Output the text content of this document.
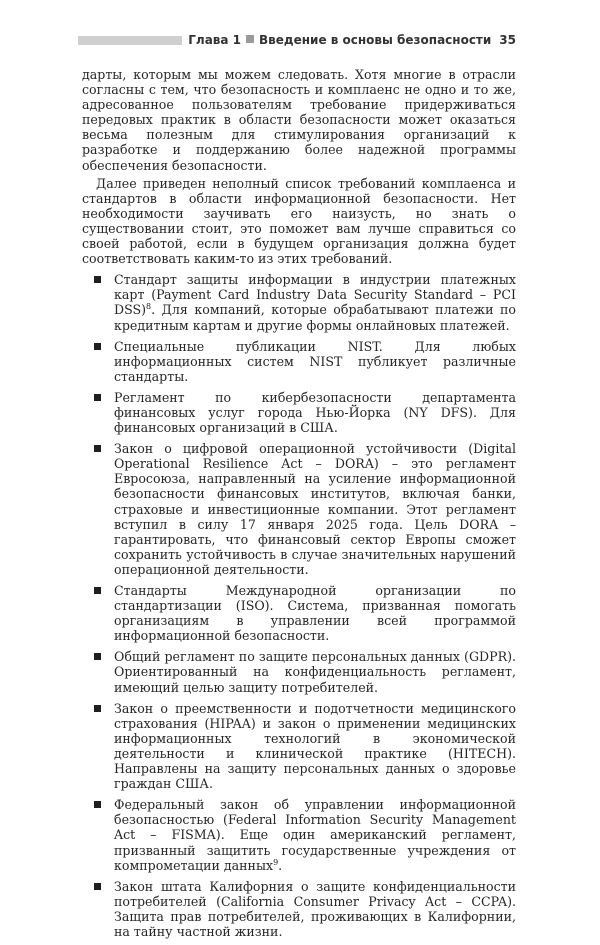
Глава 1 Введение в основы безопасности 35

дарты, которым мы можем следовать. Хотя многие в отрасли согласны с тем, что безопасность и комплаенс не одно и то же, адресованное пользователям требование придерживаться передовых практик в области безопасности может оказаться весьма полезным для стимулирования организаций к разработке и поддержанию более надежной программы обеспечения безопасности.

Далее приведен неполный список требований комплаенса и стандартов в области информационной безопасности. Нет необходимости заучивать его наизусть, но знать о существовании стоит, это поможет вам лучше справиться со своей работой, если в будущем организация должна будет соответствовать каким-то из этих требований.

Стандарт защиты информации в индустрии платежных карт (Payment Card Industry Data Security Standard – PCI DSS)$^8$. Для компаний, которые обрабатывают платежи по кредитным картам и другие формы онлайновых платежей.
Специальные публикации NIST. Для любых информационных систем NIST публикует различные стандарты.
Регламент по кибербезопасности департамента финансовых услуг города Нью-Йорка (NY DFS). Для финансовых организаций в США.
Закон о цифровой операционной устойчивости (Digital Operational Resilience Act – DORA) – это регламент Евросоюза, направленный на усиление информационной безопасности финансовых институтов, включая банки, страховые и инвестиционные компании. Этот регламент вступил в силу 17 января 2025 года. Цель DORA – гарантировать, что финансовый сектор Европы сможет сохранить устойчивость в случае значительных нарушений операционной деятельности.
Стандарты Международной организации по стандартизации (ISO). Система, призванная помогать организациям в управлении всей программой информационной безопасности.
Общий регламент по защите персональных данных (GDPR). Ориентированный на конфиденциальность регламент, имеющий целью защиту потребителей.
Закон о преемственности и подотчетности медицинского страхования (HIPAA) и закон о применении медицинских информационных технологий в экономической деятельности и клинической практике (HITECH). Направлены на защиту персональных данных о здоровье граждан США.
Федеральный закон об управлении информационной безопасностью (Federal Information Security Management Act – FISMA). Еще один американский регламент, призванный защитить государственные учреждения от компрометации данных$^9$.
Закон штата Калифорния о защите конфиденциальности потребителей (California Consumer Privacy Act – CCPA). Защита прав потребителей, проживающих в Калифорнии, на тайну частной жизни.
